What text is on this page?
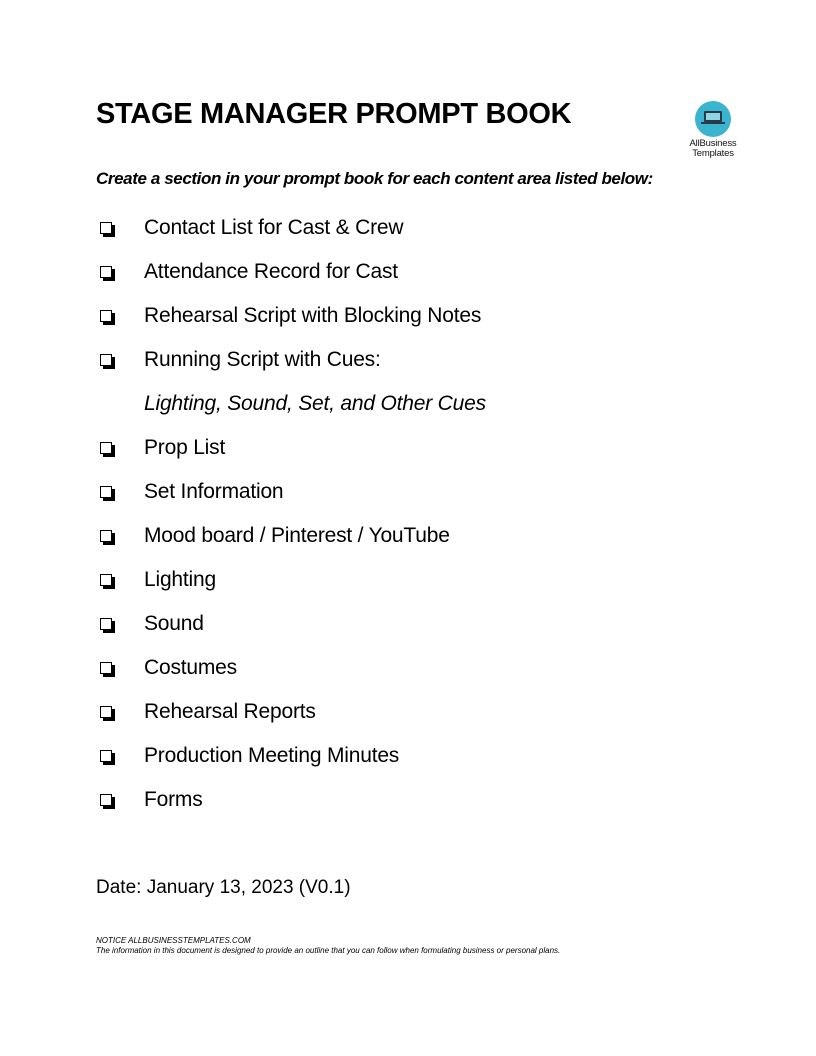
STAGE MANAGER PROMPT BOOK
AllBusiness
Templates
Create a section in your prompt book for each content area listed below:
Contact List for Cast & Crew
Attendance Record for Cast
Rehearsal Script with Blocking Notes
Running Script with Cues:
Lighting, Sound, Set, and Other Cues
Prop List
Set Information
Mood board / Pinterest / YouTube
Lighting
Sound
Costumes
Rehearsal Reports
Production Meeting Minutes
Forms
Date: January 13, 2023 (V0.1)
NOTICE ALLBUSINESSTEMPLATES.COM
The information in this document is designed to provide an outline that you can follow when formulating business or personal plans.
